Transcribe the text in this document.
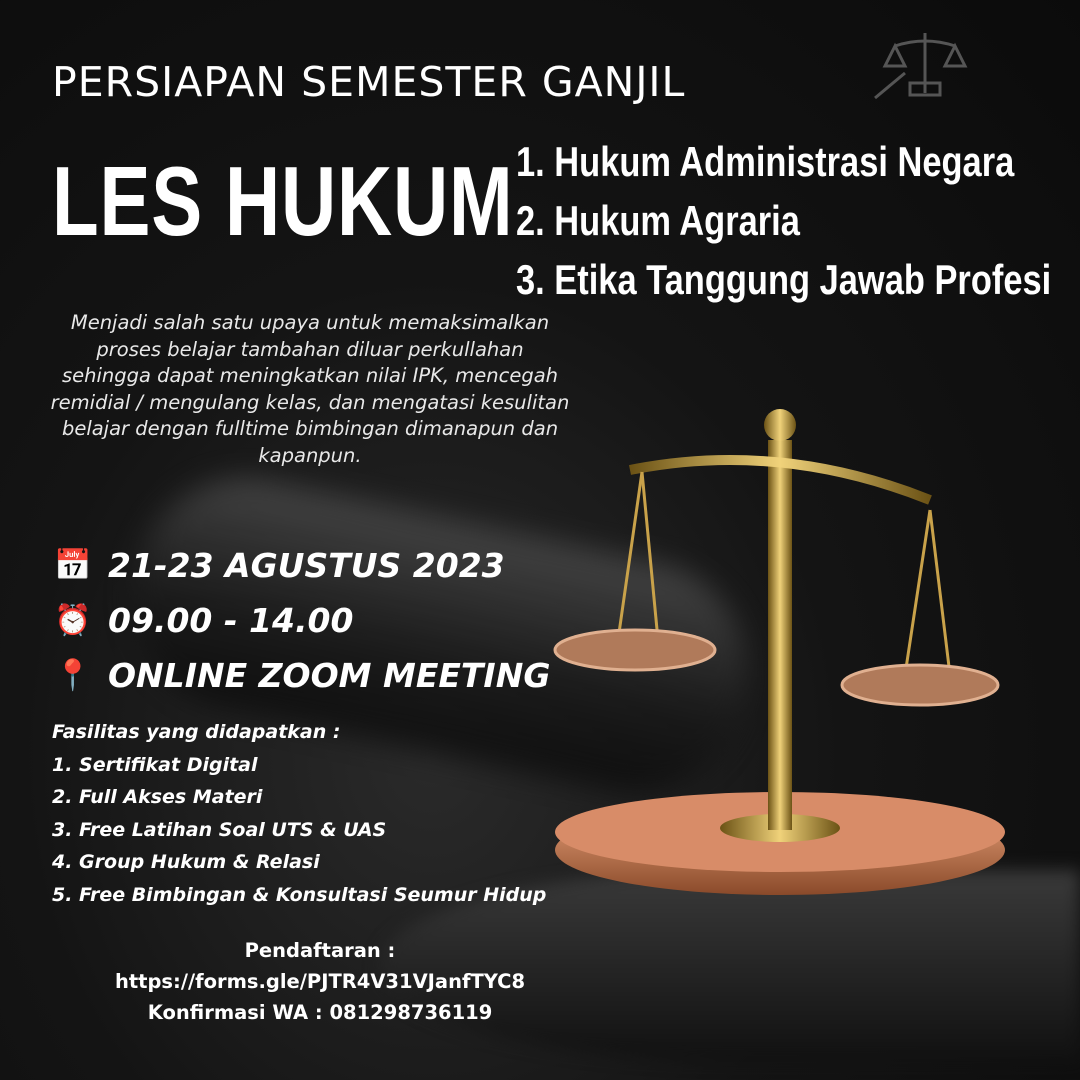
PERSIAPAN SEMESTER GANJIL
LES HUKUM 1. Hukum Administrasi Negara
2. Hukum Agraria
3. Etika Tanggung Jawab Profesi
Menjadi salah satu upaya untuk memaksimalkan proses belajar tambahan diluar perkullahan sehingga dapat meningkatkan nilai IPK, mencegah remidial / mengulang kelas, dan mengatasi kesulitan belajar dengan fulltime bimbingan dimanapun dan kapanpun.
📅 21-23 AGUSTUS 2023
⏰ 09.00 - 14.00
📍 ONLINE ZOOM MEETING
Fasilitas yang didapatkan :
1. Sertifikat Digital
2. Full Akses Materi
3. Free Latihan Soal UTS & UAS
4. Group Hukum & Relasi
5. Free Bimbingan & Konsultasi Seumur Hidup
Pendaftaran :
https://forms.gle/PJTR4V31VJanfTYC8
Konfirmasi WA : 081298736119
